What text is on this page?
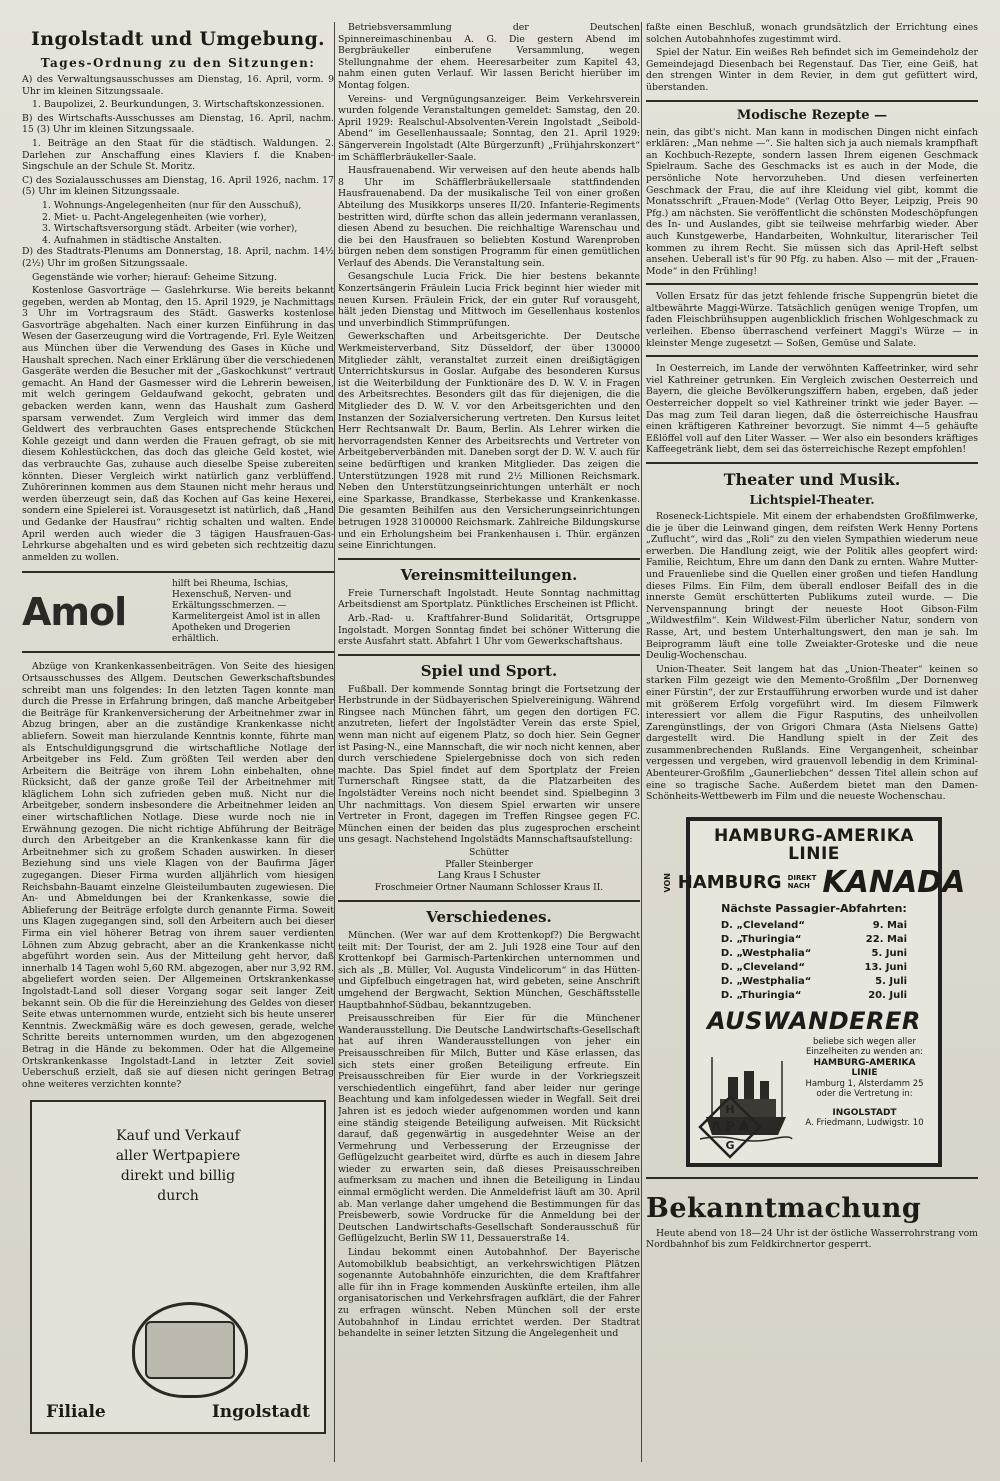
Ingolstadt und Umgebung.
Tages-Ordnung zu den Sitzungen:

A) des Verwaltungsausschusses am Dienstag, 16. April, vorm. 9 Uhr im kleinen Sitzungssaale.

1. Baupolizei, 2. Beurkundungen, 3. Wirtschaftskonzessionen.

B) des Wirtschafts-Ausschusses am Dienstag, 16. April, nachm. 15 (3) Uhr im kleinen Sitzungssaale.

1. Beiträge an den Staat für die städtisch. Waldungen. 2. Darlehen zur Anschaffung eines Klaviers f. die Knaben-Singschule an der Schule St. Moritz.

C) des Sozialausschusses am Dienstag, 16. April 1926, nachm. 17 (5) Uhr im kleinen Sitzungssaale.

1. Wohnungs-Angelegenheiten (nur für den Ausschuß),
2. Miet- u. Pacht-Angelegenheiten (wie vorher),
3. Wirtschaftsversorgung städt. Arbeiter (wie vorher),
4. Aufnahmen in städtische Anstalten.

D) des Stadtrats-Plenums am Donnerstag, 18. April, nachm. 14½ (2½) Uhr im großen Sitzungssaale.

Gegenstände wie vorher; hierauf: Geheime Sitzung.

Kostenlose Gasvorträge — Gaslehrkurse. Wie bereits bekannt gegeben, werden ab Montag, den 15. April 1929, je Nachmittags 3 Uhr im Vortragsraum des Städt. Gaswerks kostenlose Gasvorträge abgehalten. Nach einer kurzen Einführung in das Wesen der Gaserzeugung wird die Vortragende, Frl. Eyle Weitzen aus München über die Verwendung des Gases in Küche und Haushalt sprechen. Nach einer Erklärung über die verschiedenen Gasgeräte werden die Besucher mit der „Gaskochkunst“ vertraut gemacht. An Hand der Gasmesser wird die Lehrerin beweisen, mit welch geringem Geldaufwand gekocht, gebraten und gebacken werden kann, wenn das Haushalt zum Gasherd sparsam verwendet. Zum Vergleich wird immer das dem Geldwert des verbrauchten Gases entsprechende Stückchen Kohle gezeigt und dann werden die Frauen gefragt, ob sie mit diesem Kohlestückchen, das doch das gleiche Geld kostet, wie das verbrauchte Gas, zuhause auch dieselbe Speise zubereiten könnten. Dieser Vergleich wirkt natürlich ganz verblüffend. Zuhörerinnen kommen aus dem Staunen nicht mehr heraus und werden überzeugt sein, daß das Kochen auf Gas keine Hexerei, sondern eine Spielerei ist. Vorausgesetzt ist natürlich, daß „Hand und Gedanke der Hausfrau“ richtig schalten und walten. Ende April werden auch wieder die 3 tägigen Hausfrauen-Gas-Lehrkurse abgehalten und es wird gebeten sich rechtzeitig dazu anmelden zu wollen.

Amol
hilft bei Rheuma, Ischias, Hexenschuß, Nerven- und Erkältungsschmerzen. — Karmelitergeist Amol ist in allen Apotheken und Drogerien erhältlich.

Abzüge von Krankenkassenbeiträgen. Von Seite des hiesigen Ortsausschusses des Allgem. Deutschen Gewerkschaftsbundes schreibt man uns folgendes: In den letzten Tagen konnte man durch die Presse in Erfahrung bringen, daß manche Arbeitgeber die Beiträge für Krankenversicherung der Arbeitnehmer zwar in Abzug bringen, aber an die zuständige Krankenkasse nicht abliefern. Soweit man hierzulande Kenntnis konnte, führte man als Entschuldigungsgrund die wirtschaftliche Notlage der Arbeitgeber ins Feld. Zum größten Teil werden aber den Arbeitern die Beiträge von ihrem Lohn einbehalten, ohne Rücksicht, daß der ganze große Teil der Arbeitnehmer mit kläglichem Lohn sich zufrieden geben muß. Nicht nur die Arbeitgeber, sondern insbesondere die Arbeitnehmer leiden an einer wirtschaftlichen Notlage. Diese wurde noch nie in Erwähnung gezogen. Die nicht richtige Abführung der Beiträge durch den Arbeitgeber an die Krankenkasse kann für die Arbeitnehmer sich zu großem Schaden auswirken. In dieser Beziehung sind uns viele Klagen von der Baufirma Jäger zugegangen. Dieser Firma wurden alljährlich vom hiesigen Reichsbahn-Bauamt einzelne Gleisteilumbauten zugewiesen. Die An- und Abmeldungen bei der Krankenkasse, sowie die Ablieferung der Beiträge erfolgte durch genannte Firma. Soweit uns Klagen zugegangen sind, soll den Arbeitern auch bei dieser Firma ein viel höherer Betrag von ihrem sauer verdienten Löhnen zum Abzug gebracht, aber an die Krankenkasse nicht abgeführt worden sein. Aus der Mitteilung geht hervor, daß innerhalb 14 Tagen wohl 5,60 RM. abgezogen, aber nur 3,92 RM. abgeliefert worden seien. Der Allgemeinen Ortskrankenkasse Ingolstadt-Land soll dieser Vorgang sogar seit langer Zeit bekannt sein. Ob die für die Hereinziehung des Geldes von dieser Seite etwas unternommen wurde, entzieht sich bis heute unserer Kenntnis. Zweckmäßig wäre es doch gewesen, gerade, welche Schritte bereits unternommen wurden, um den abgezogenen Betrag in die Hände zu bekommen. Oder hat die Allgemeine Ortskrankenkasse Ingolstadt-Land in letzter Zeit soviel Ueberschuß erzielt, daß sie auf diesen nicht geringen Betrag ohne weiteres verzichten konnte?

Kauf und Verkauf
aller Wertpapiere
direkt und billig
durch
Filiale	Ingolstadt

Betriebsversammlung der Deutschen Spinnereimaschinenbau A. G. Die gestern Abend im Bergbräukeller einberufene Versammlung, wegen Stellungnahme der ehem. Heeresarbeiter zum Kapitel 43, nahm einen guten Verlauf. Wir lassen Bericht hierüber im Montag folgen.

Vereins- und Vergnügungsanzeiger. Beim Verkehrsverein wurden folgende Veranstaltungen gemeldet: Samstag, den 20. April 1929: Realschul-Absolventen-Verein Ingolstadt „Seibold-Abend“ im Gesellenhaussaale; Sonntag, den 21. April 1929: Sängerverein Ingolstadt (Alte Bürgerzunft) „Frühjahrskonzert“ im Schäfflerbräukeller-Saale.

Hausfrauenabend. Wir verweisen auf den heute abends halb 8 Uhr im Schäfflerbräukellersaale stattfindenden Hausfrauenabend. Da der musikalische Teil von einer großen Abteilung des Musikkorps unseres II/20. Infanterie-Regiments bestritten wird, dürfte schon das allein jedermann veranlassen, diesen Abend zu besuchen. Die reichhaltige Warenschau und die bei den Hausfrauen so beliebten Kostund Warenproben bürgen neben dem sonstigen Programm für einen gemütlichen Verlauf des Abends. Die Veranstaltung sein.

Gesangschule Lucia Frick. Die hier bestens bekannte Konzertsängerin Fräulein Lucia Frick beginnt hier wieder mit neuen Kursen. Fräulein Frick, der ein guter Ruf vorausgeht, hält jeden Dienstag und Mittwoch im Gesellenhaus kostenlos und unverbindlich Stimmprüfungen.

Gewerkschaften und Arbeitsgerichte. Der Deutsche Werkmeisterverband, Sitz Düsseldorf, der über 130000 Mitglieder zählt, veranstaltet zurzeit einen dreißigtägigen Unterrichtskursus in Goslar. Aufgabe des besonderen Kursus ist die Weiterbildung der Funktionäre des D. W. V. in Fragen des Arbeitsrechtes. Besonders gilt das für diejenigen, die die Mitglieder des D. W. V. vor den Arbeitsgerichten und den Instanzen der Sozialversicherung vertreten. Den Kursus leitet Herr Rechtsanwalt Dr. Baum, Berlin. Als Lehrer wirken die hervorragendsten Kenner des Arbeitsrechts und Vertreter von Arbeitgeberverbänden mit. Daneben sorgt der D. W. V. auch für seine bedürftigen und kranken Mitglieder. Das zeigen die Unterstützungen 1928 mit rund 2½ Millionen Reichsmark. Neben den Unterstützungseinrichtungen unterhält er noch eine Sparkasse, Brandkasse, Sterbekasse und Krankenkasse. Die gesamten Beihilfen aus den Versicherungseinrichtungen betrugen 1928 3100000 Reichsmark. Zahlreiche Bildungskurse und ein Erholungsheim bei Frankenhausen i. Thür. ergänzen seine Einrichtungen.

Vereinsmitteilungen.

Freie Turnerschaft Ingolstadt. Heute Sonntag nachmittag Arbeitsdienst am Sportplatz. Pünktliches Erscheinen ist Pflicht.

Arb.-Rad- u. Kraftfahrer-Bund Solidarität, Ortsgruppe Ingolstadt. Morgen Sonntag findet bei schöner Witterung die erste Ausfahrt statt. Abfahrt 1 Uhr vom Gewerkschaftshaus.

Spiel und Sport.

Fußball. Der kommende Sonntag bringt die Fortsetzung der Herbstrunde in der Südbayerischen Spielvereinigung. Während Ringsee nach München fährt, um gegen den dortigen FC. anzutreten, liefert der Ingolstädter Verein das erste Spiel, wenn man nicht auf eigenem Platz, so doch hier. Sein Gegner ist Pasing-N., eine Mannschaft, die wir noch nicht kennen, aber durch verschiedene Spielergebnisse doch von sich reden machte. Das Spiel findet auf dem Sportplatz der Freien Turnerschaft Ringsee statt, da die Platzarbeiten des Ingolstädter Vereins noch nicht beendet sind. Spielbeginn 3 Uhr nachmittags. Von diesem Spiel erwarten wir unsere Vertreter in Front, dagegen im Treffen Ringsee gegen FC. München einen der beiden das plus zugesprochen erscheint uns gesagt. Nachstehend Ingolstädts Mannschaftsaufstellung:

Schütter
Pfaller Steinberger
Lang Kraus I Schuster
Froschmeier Ortner Naumann Schlosser Kraus II.
Verschiedenes.

München. (Wer war auf dem Krottenkopf?) Die Bergwacht teilt mit: Der Tourist, der am 2. Juli 1928 eine Tour auf den Krottenkopf bei Garmisch-Partenkirchen unternommen und sich als „B. Müller, Vol. Augusta Vindelicorum“ in das Hütten- und Gipfelbuch eingetragen hat, wird gebeten, seine Anschrift umgehend der Bergwacht, Sektion München, Geschäftsstelle Hauptbahnhof-Südbau, bekanntzugeben.

Preisausschreiben für Eier für die Münchener Wanderausstellung. Die Deutsche Landwirtschafts-Gesellschaft hat auf ihren Wanderausstellungen von jeher ein Preisausschreiben für Milch, Butter und Käse erlassen, das sich stets einer großen Beteiligung erfreute. Ein Preisausschreiben für Eier wurde in der Vorkriegszeit verschiedentlich eingeführt, fand aber leider nur geringe Beachtung und kam infolgedessen wieder in Wegfall. Seit drei Jahren ist es jedoch wieder aufgenommen worden und kann eine ständig steigende Beteiligung aufweisen. Mit Rücksicht darauf, daß gegenwärtig in ausgedehnter Weise an der Vermehrung und Verbesserung der Erzeugnisse der Geflügelzucht gearbeitet wird, dürfte es auch in diesem Jahre wieder zu erwarten sein, daß dieses Preisausschreiben aufmerksam zu machen und ihnen die Beteiligung in Lindau einmal ermöglicht werden. Die Anmeldefrist läuft am 30. April ab. Man verlange daher umgehend die Bestimmungen für das Preisbewerb, sowie Vordrucke für die Anmeldung bei der Deutschen Landwirtschafts-Gesellschaft Sonderausschuß für Geflügelzucht, Berlin SW 11, Dessauerstraße 14.

Lindau bekommt einen Autobahnhof. Der Bayerische Automobilklub beabsichtigt, an verkehrswichtigen Plätzen sogenannte Autobahnhöfe einzurichten, die dem Kraftfahrer alle für ihn in Frage kommenden Auskünfte erteilen, ihm alle organisatorischen und Verkehrsfragen aufklärt, die der Fahrer zu erfragen wünscht. Neben München soll der erste Autobahnhof in Lindau errichtet werden. Der Stadtrat behandelte in seiner letzten Sitzung die Angelegenheit und

faßte einen Beschluß, wonach grundsätzlich der Errichtung eines solchen Autobahnhofes zugestimmt wird.

Spiel der Natur. Ein weißes Reh befindet sich im Gemeindeholz der Gemeindejagd Diesenbach bei Regenstauf. Das Tier, eine Geiß, hat den strengen Winter in dem Revier, in dem gut gefüttert wird, überstanden.

Modische Rezepte —

nein, das gibt's nicht. Man kann in modischen Dingen nicht einfach erklären: „Man nehme —“. Sie halten sich ja auch niemals krampfhaft an Kochbuch-Rezepte, sondern lassen Ihrem eigenen Geschmack Spielraum. Sache des Geschmacks ist es auch in der Mode, die persönliche Note hervorzuheben. Und diesen verfeinerten Geschmack der Frau, die auf ihre Kleidung viel gibt, kommt die Monatsschrift „Frauen-Mode“ (Verlag Otto Beyer, Leipzig, Preis 90 Pfg.) am nächsten. Sie veröffentlicht die schönsten Modeschöpfungen des In- und Auslandes, gibt sie teilweise mehrfarbig wieder. Aber auch Kunstgewerbe, Handarbeiten, Wohnkultur, literarischer Teil kommen zu ihrem Recht. Sie müssen sich das April-Heft selbst ansehen. Ueberall ist's für 90 Pfg. zu haben. Also — mit der „Frauen-Mode“ in den Frühling!

Vollen Ersatz für das jetzt fehlende frische Suppengrün bietet die altbewährte Maggi-Würze. Tatsächlich genügen wenige Tropfen, um faden Fleischbrühsuppen augenblicklich frischen Wohlgeschmack zu verleihen. Ebenso überraschend verfeinert Maggi's Würze — in kleinster Menge zugesetzt — Soßen, Gemüse und Salate.

In Oesterreich, im Lande der verwöhnten Kaffeetrinker, wird sehr viel Kathreiner getrunken. Ein Vergleich zwischen Oesterreich und Bayern, die gleiche Bevölkerungsziffern haben, ergeben, daß jeder Oesterreicher doppelt so viel Kathreiner trinkt wie jeder Bayer. — Das mag zum Teil daran liegen, daß die österreichische Hausfrau einen kräftigeren Kathreiner bevorzugt. Sie nimmt 4—5 gehäufte Eßlöffel voll auf den Liter Wasser. — Wer also ein besonders kräftiges Kaffeegetränk liebt, dem sei das österreichische Rezept empfohlen!

Theater und Musik.
Lichtspiel-Theater.

Roseneck-Lichtspiele. Mit einem der erhabendsten Großfilmwerke, die je über die Leinwand gingen, dem reifsten Werk Henny Portens „Zuflucht“, wird das „Roli“ zu den vielen Sympathien wiederum neue erwerben. Die Handlung zeigt, wie der Politik alles geopfert wird: Familie, Reichtum, Ehre um dann den Dank zu ernten. Wahre Mutter- und Frauenliebe sind die Quellen einer großen und tiefen Handlung dieses Films. Ein Film, dem überall endloser Beifall des in die innerste Gemüt erschütterten Publikums zuteil wurde. — Die Nervenspannung bringt der neueste Hoot Gibson-Film „Wildwestfilm“. Kein Wildwest-Film überlicher Natur, sondern von Rasse, Art, und bestem Unterhaltungswert, den man je sah. Im Beiprogramm läuft eine tolle Zweiakter-Groteske und die neue Deulig-Wochenschau.

Union-Theater. Seit langem hat das „Union-Theater“ keinen so starken Film gezeigt wie den Memento-Großfilm „Der Dornenweg einer Fürstin“, der zur Erstaufführung erworben wurde und ist daher mit größerem Erfolg vorgeführt wird. Im diesem Filmwerk interessiert vor allem die Figur Rasputins, des unheilvollen Zarengünstlings, der von Grigori Chmara (Asta Nielsens Gatte) dargestellt wird. Die Handlung spielt in der Zeit des zusammenbrechenden Rußlands. Eine Vergangenheit, scheinbar vergessen und vergeben, wird grauenvoll lebendig in dem Kriminal-Abenteurer-Großfilm „Gaunerliebchen“ dessen Titel allein schon auf eine so tragische Sache. Außerdem bietet man den Damen-Schönheits-Wettbewerb im Film und die neueste Wochenschau.

HAMBURG-AMERIKA
LINIE
VON HAMBURG DIREKT NACH KANADA
Nächste Passagier-Abfahrten:
D. „Cleveland“	9. Mai
D. „Thuringia“	22. Mai
D. „Westphalia“	5. Juni
D. „Cleveland“	13. Juni
D. „Westphalia“	5. Juli
D. „Thuringia“	20. Juli
AUSWANDERER
beliebe sich wegen aller Einzelheiten zu wenden an:
HAMBURG-AMERIKA LINIE
Hamburg 1, Alsterdamm 25
oder die Vertretung in:
INGOLSTADT
A. Friedmann, Ludwigstr. 10
H
A P A
G
Bekanntmachung

Heute abend von 18—24 Uhr ist der östliche Wasserrohrstrang vom Nordbahnhof bis zum Feldkirchnertor gesperrt.
